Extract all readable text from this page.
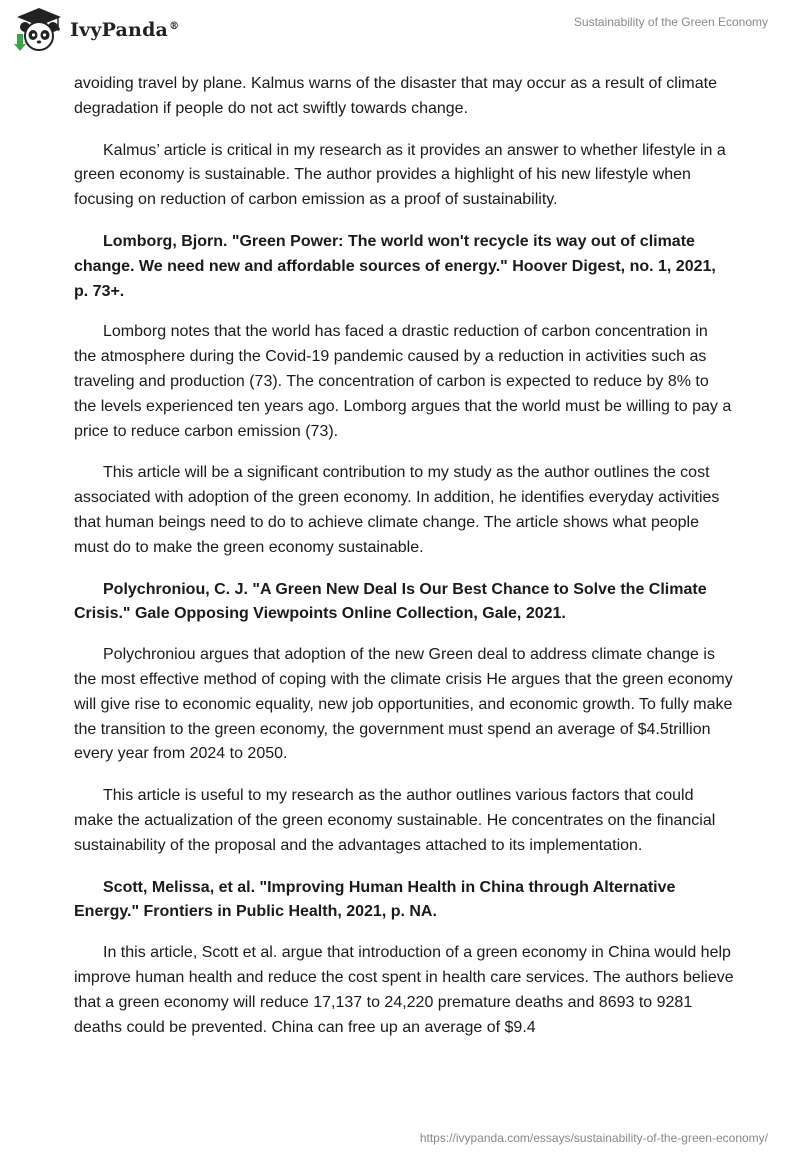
IvyPanda®	Sustainability of the Green Economy

avoiding travel by plane. Kalmus warns of the disaster that may occur as a result of climate degradation if people do not act swiftly towards change.

Kalmus’ article is critical in my research as it provides an answer to whether lifestyle in a green economy is sustainable. The author provides a highlight of his new lifestyle when focusing on reduction of carbon emission as a proof of sustainability.

Lomborg, Bjorn. "Green Power: The world won't recycle its way out of climate change. We need new and affordable sources of energy." Hoover Digest, no. 1, 2021, p. 73+.

Lomborg notes that the world has faced a drastic reduction of carbon concentration in the atmosphere during the Covid-19 pandemic caused by a reduction in activities such as traveling and production (73). The concentration of carbon is expected to reduce by 8% to the levels experienced ten years ago. Lomborg argues that the world must be willing to pay a price to reduce carbon emission (73).

This article will be a significant contribution to my study as the author outlines the cost associated with adoption of the green economy. In addition, he identifies everyday activities that human beings need to do to achieve climate change. The article shows what people must do to make the green economy sustainable.

Polychroniou, C. J. "A Green New Deal Is Our Best Chance to Solve the Climate Crisis." Gale Opposing Viewpoints Online Collection, Gale, 2021.

Polychroniou argues that adoption of the new Green deal to address climate change is the most effective method of coping with the climate crisis He argues that the green economy will give rise to economic equality, new job opportunities, and economic growth. To fully make the transition to the green economy, the government must spend an average of $4.5trillion every year from 2024 to 2050.

This article is useful to my research as the author outlines various factors that could make the actualization of the green economy sustainable. He concentrates on the financial sustainability of the proposal and the advantages attached to its implementation.

Scott, Melissa, et al. "Improving Human Health in China through Alternative Energy." Frontiers in Public Health, 2021, p. NA.

In this article, Scott et al. argue that introduction of a green economy in China would help improve human health and reduce the cost spent in health care services. The authors believe that a green economy will reduce 17,137 to 24,220 premature deaths and 8693 to 9281 deaths could be prevented. China can free up an average of $9.4

https://ivypanda.com/essays/sustainability-of-the-green-economy/
